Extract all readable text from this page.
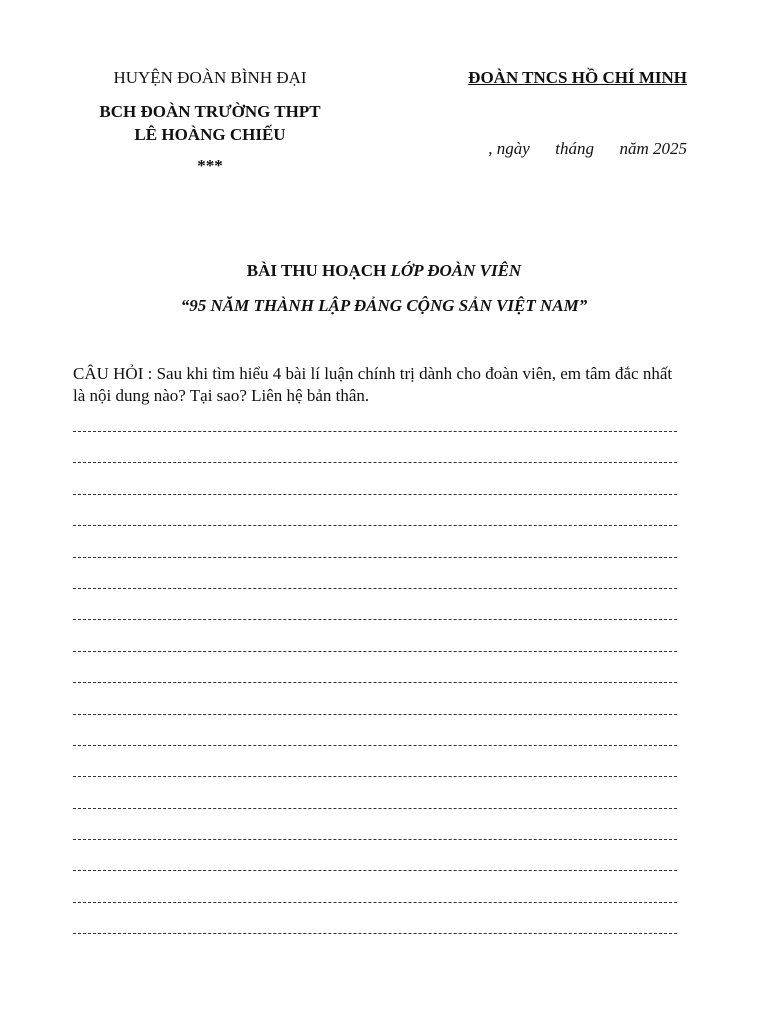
HUYỆN ĐOÀN BÌNH ĐẠI
BCH ĐOÀN TRƯỜNG THPT
LÊ HOÀNG CHIẾU
***
ĐOÀN TNCS HỒ CHÍ MINH
, ngày      tháng      năm 2025
BÀI THU HOẠCH LỚP ĐOÀN VIÊN
“95 NĂM THÀNH LẬP ĐẢNG CỘNG SẢN VIỆT NAM”
CÂU HỎI : Sau khi tìm hiểu 4 bài lí luận chính trị dành cho đoàn viên, em tâm đắc nhất là nội dung nào? Tại sao? Liên hệ bản thân.
